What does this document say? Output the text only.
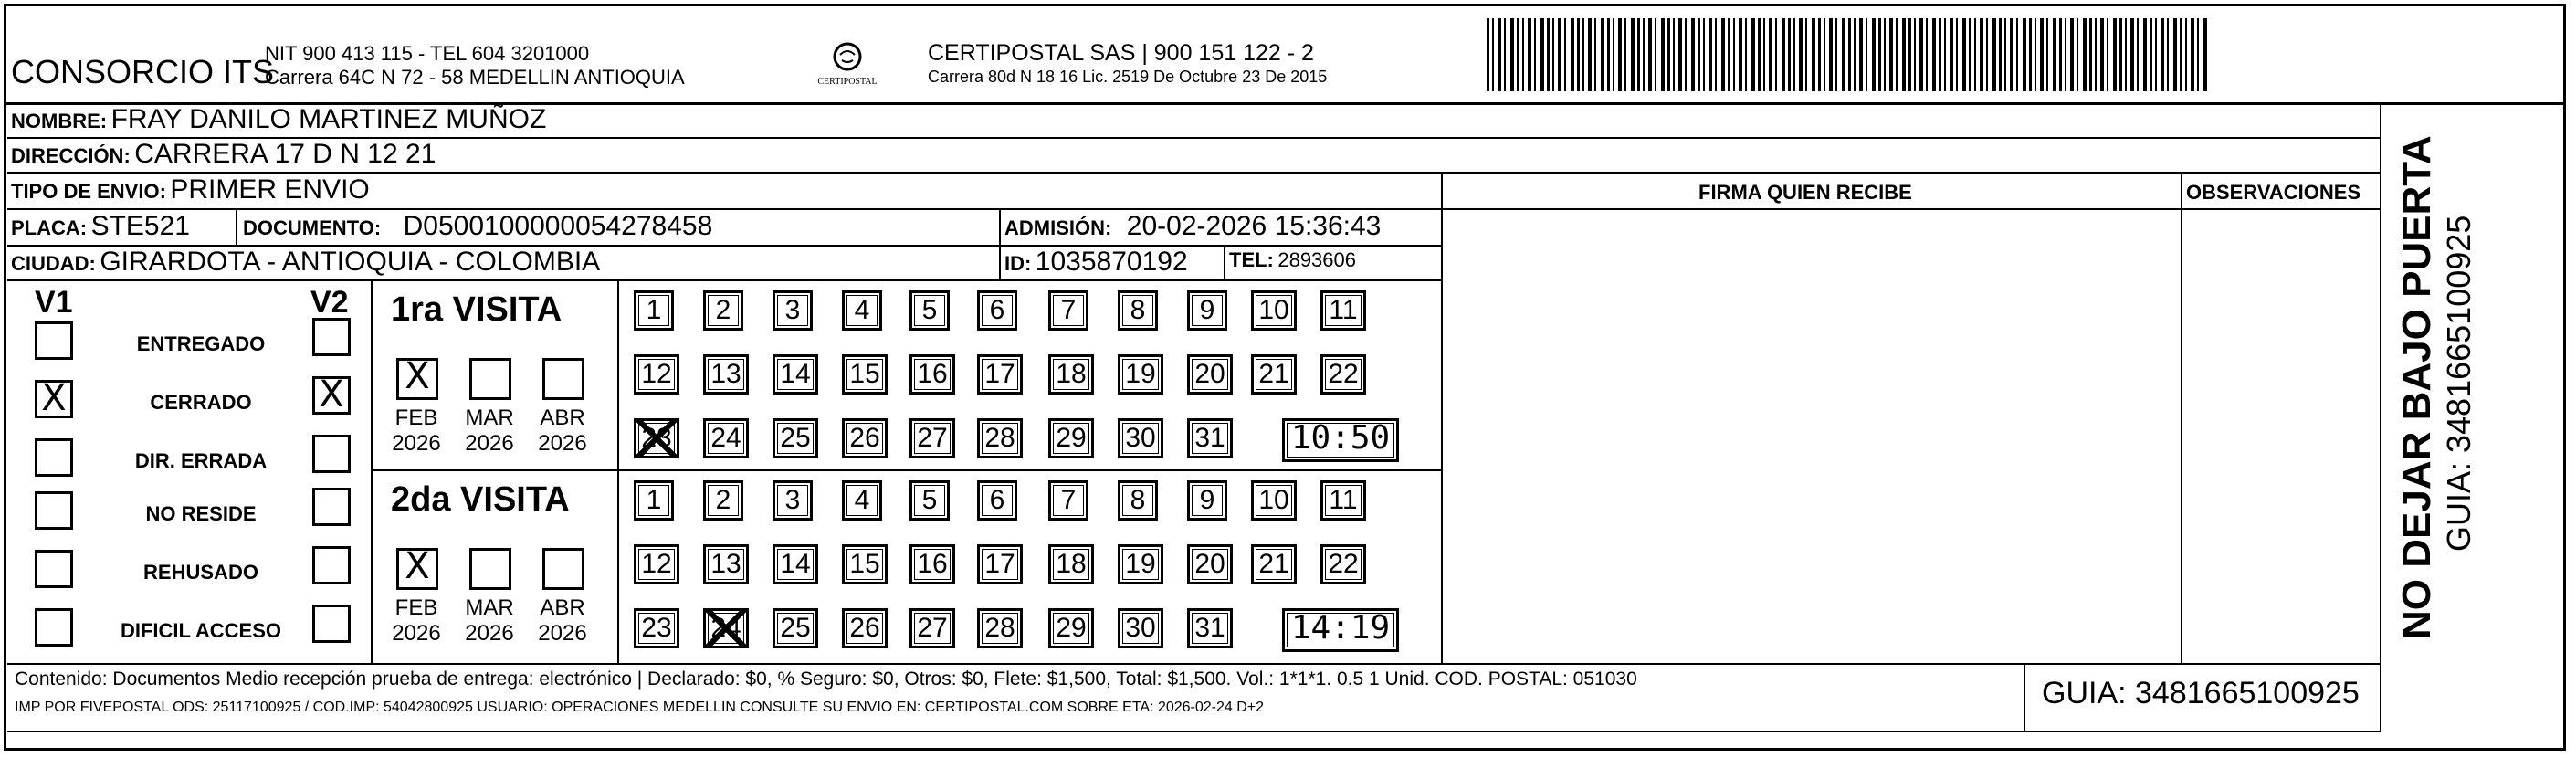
CONSORCIO ITS
NIT 900 413 115 - TEL 604 3201000
Carrera 64C N 72 - 58 MEDELLIN ANTIOQUIA	CERTIPOSTAL
CERTIPOSTAL SAS | 900 151 122 - 2
Carrera 80d N 18 16 Lic. 2519 De Octubre 23 De 2015
NOMBRE: FRAY DANILO MARTINEZ MUÑOZ
DIRECCIÓN: CARRERA 17 D N 12 21
TIPO DE ENVIO: PRIMER ENVIO	FIRMA QUIEN RECIBE	OBSERVACIONES
PLACA: STE521	DOCUMENTO: D0500100000054278458	ADMISIÓN: 20-02-2026 15:36:43
CIUDAD: GIRARDOTA - ANTIOQUIA - COLOMBIA	ID: 1035870192 TEL: 2893606
V1	V2
ENTREGADO
X	CERRADO	X
DIR. ERRADA
NO RESIDE
REHUSADO
DIFICIL ACCESO
1ra VISITA
X
FEB
2026
MAR
2026
ABR
2026
1	2	3	4	5	6	7	8	9	10	11
12 13 14 15 16 17 18 19 20 21 22
23 24 25 26 27 28 29 30 31 10:50
2da VISITA
X
FEB
2026
MAR
2026
ABR
2026
1	2	3	4	5	6	7	8	9	10	11
12 13 14 15 16 17 18 19 20 21 22
23 24 25 26 27 28 29 30 31 14:19
Contenido: Documentos Medio recepción prueba de entrega: electrónico | Declarado: $0, % Seguro: $0, Otros: $0, Flete: $1,500, Total: $1,500. Vol.: 1*1*1. 0.5 1 Unid. COD. POSTAL: 051030
IMP POR FIVEPOSTAL ODS: 25117100925 / COD.IMP: 54042800925 USUARIO: OPERACIONES MEDELLIN CONSULTE SU ENVIO EN: CERTIPOSTAL.COM SOBRE ETA: 2026-02-24 D+2	GUIA: 3481665100925
NO DEJAR BAJO PUERTA GUIA: 3481665100925
